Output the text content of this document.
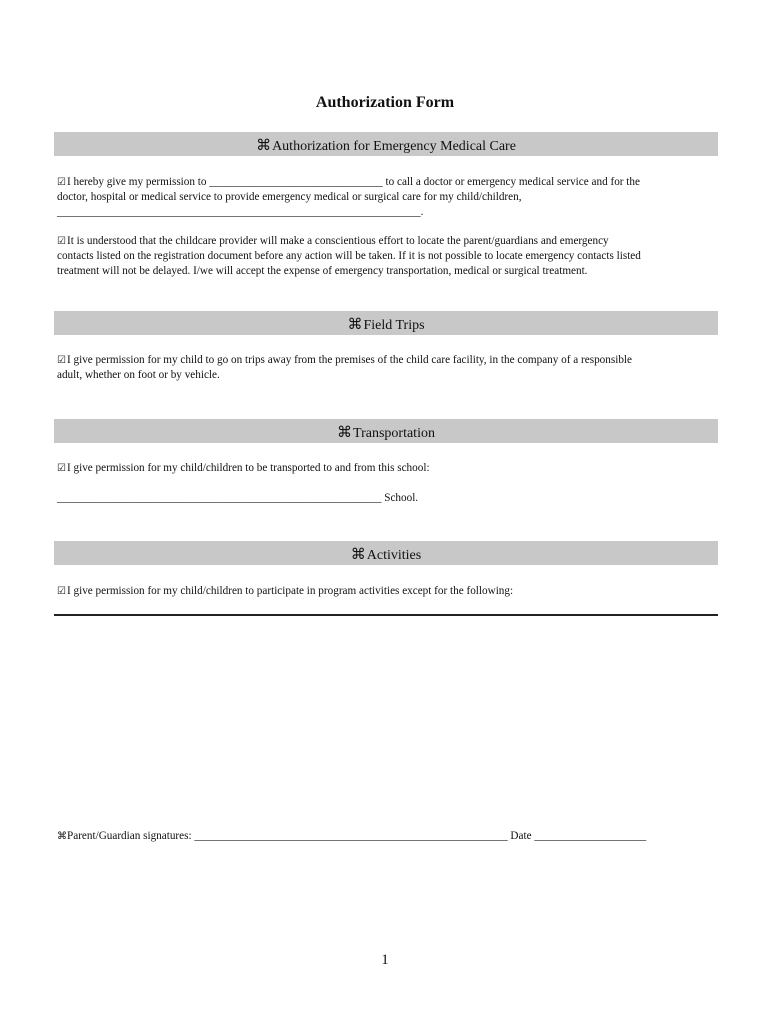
Authorization Form
⌘Authorization for Emergency Medical Care
☑I hereby give my permission to _______________________________ to call a doctor or emergency medical service and for the
doctor, hospital or medical service to provide emergency medical or surgical care for my child/children,
_________________________________________________________________.
☑It is understood that the childcare provider will make a conscientious effort to locate the parent/guardians and emergency
contacts listed on the registration document before any action will be taken. If it is not possible to locate emergency contacts listed
treatment will not be delayed. I/we will accept the expense of emergency transportation, medical or surgical treatment.
⌘Field Trips
☑I give permission for my child to go on trips away from the premises of the child care facility, in the company of a responsible
adult, whether on foot or by vehicle.
⌘Transportation
☑I give permission for my child/children to be transported to and from this school:
__________________________________________________________ School.
⌘Activities
☑I give permission for my child/children to participate in program activities except for the following:
⌘Parent/Guardian signatures: ________________________________________________________ Date ____________________
1
